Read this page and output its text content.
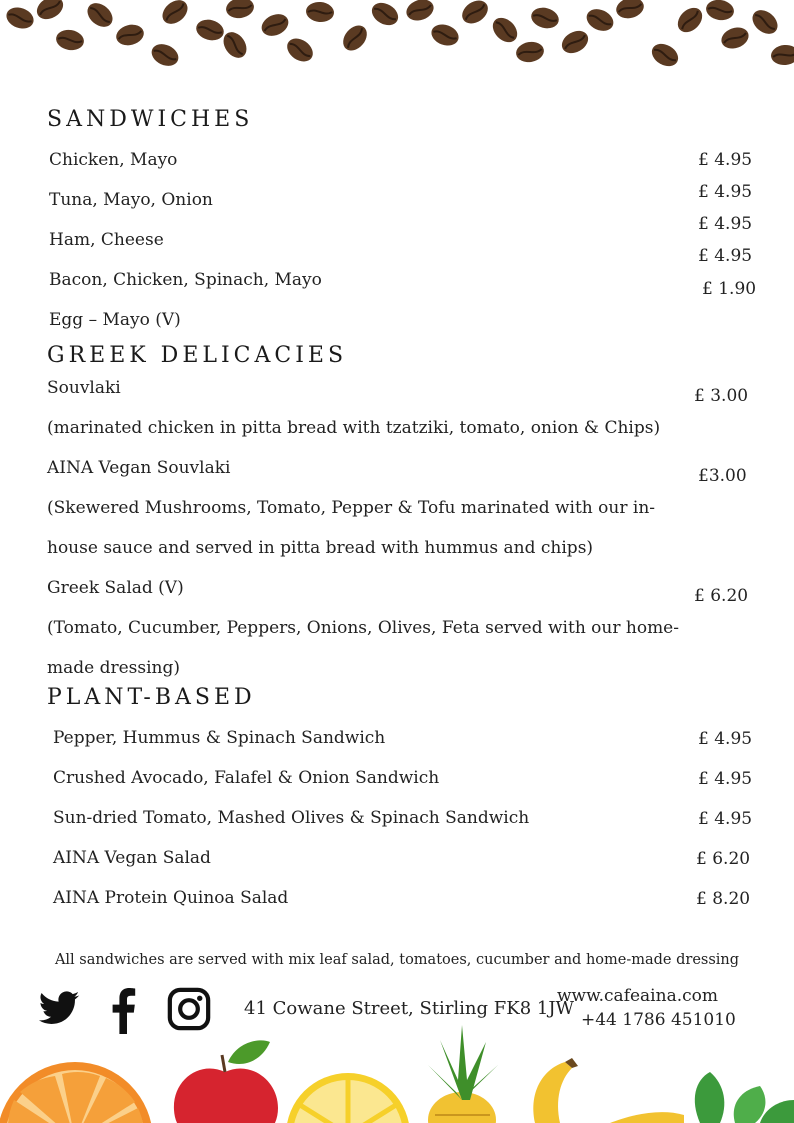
SANDWICHES
Chicken, Mayo
Tuna, Mayo, Onion
Ham, Cheese
Bacon, Chicken, Spinach, Mayo
Egg – Mayo (V)
£ 4.95
£ 4.95
£ 4.95
£ 4.95
£ 1.90
GREEK DELICACIES
Souvlaki
(marinated chicken in pitta bread with tzatziki, tomato, onion & Chips)
£ 3.00
AINA Vegan Souvlaki
(Skewered Mushrooms, Tomato, Pepper & Tofu marinated with our in-
house sauce and served in pitta bread with hummus and chips)
£3.00
Greek Salad (V)
(Tomato, Cucumber, Peppers, Onions, Olives, Feta served with our home-
made dressing)
£ 6.20
PLANT-BASED
Pepper, Hummus & Spinach Sandwich
Crushed Avocado, Falafel & Onion Sandwich
Sun-dried Tomato, Mashed Olives & Spinach Sandwich
AINA Vegan Salad
AINA Protein Quinoa Salad
£ 4.95
£ 4.95
£ 4.95
£ 6.20
£ 8.20
All sandwiches are served with mix leaf salad, tomatoes, cucumber and home-made dressing
41 Cowane Street, Stirling FK8 1JW
www.cafeaina.com
+44 1786 451010
